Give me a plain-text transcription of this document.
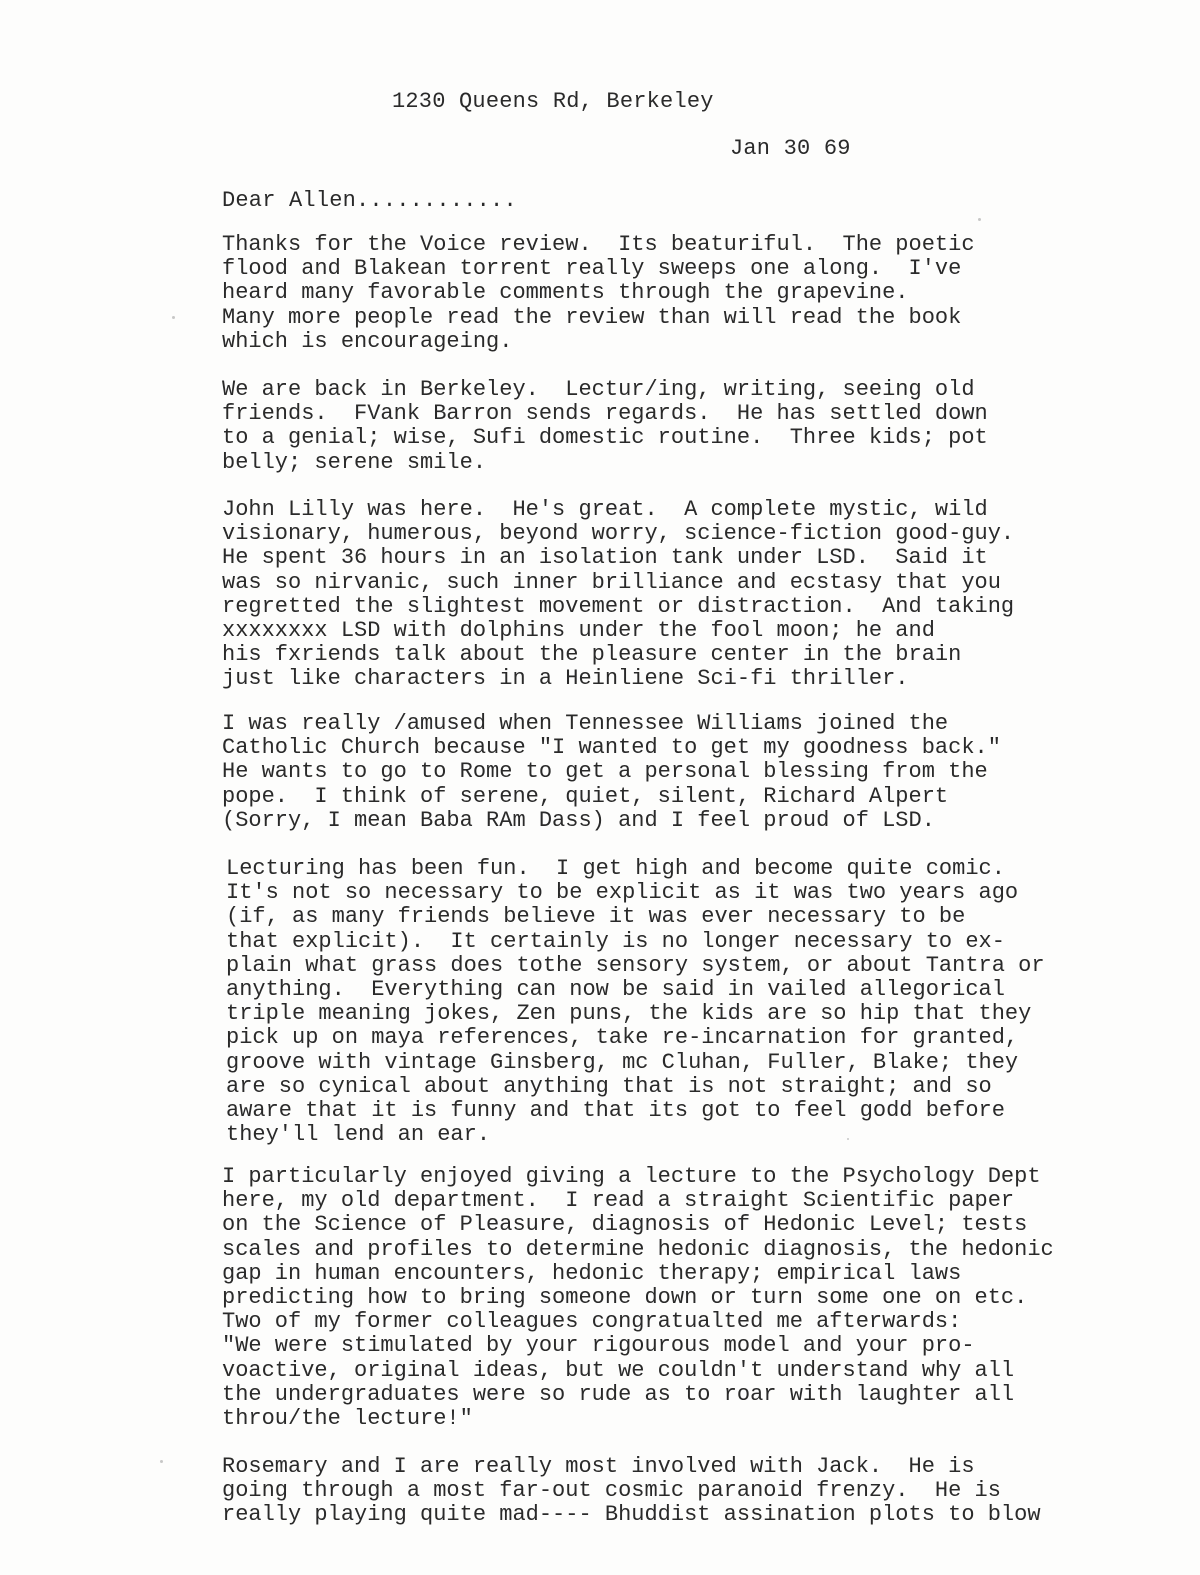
1230 Queens Rd, Berkeley
Jan 30 69
Dear Allen............
Thanks for the Voice review.  Its beaturiful.  The poetic
flood and Blakean torrent really sweeps one along.  I've
heard many favorable comments through the grapevine.
Many more people read the review than will read the book
which is encourageing.
We are back in Berkeley.  Lectur/ing, writing, seeing old
friends.  FVank Barron sends regards.  He has settled down
to a genial; wise, Sufi domestic routine.  Three kids; pot
belly; serene smile.
John Lilly was here.  He's great.  A complete mystic, wild
visionary, humerous, beyond worry, science-fiction good-guy.
He spent 36 hours in an isolation tank under LSD.  Said it
was so nirvanic, such inner brilliance and ecstasy that you
regretted the slightest movement or distraction.  And taking
xxxxxxxx LSD with dolphins under the fool moon; he and
his fxriends talk about the pleasure center in the brain
just like characters in a Heinliene Sci-fi thriller.
I was really /amused when Tennessee Williams joined the
Catholic Church because "I wanted to get my goodness back."
He wants to go to Rome to get a personal blessing from the
pope.  I think of serene, quiet, silent, Richard Alpert
(Sorry, I mean Baba RAm Dass) and I feel proud of LSD.
Lecturing has been fun.  I get high and become quite comic.
It's not so necessary to be explicit as it was two years ago
(if, as many friends believe it was ever necessary to be
that explicit).  It certainly is no longer necessary to ex-
plain what grass does tothe sensory system, or about Tantra or
anything.  Everything can now be said in vailed allegorical
triple meaning jokes, Zen puns, the kids are so hip that they
pick up on maya references, take re-incarnation for granted,
groove with vintage Ginsberg, mc Cluhan, Fuller, Blake; they
are so cynical about anything that is not straight; and so
aware that it is funny and that its got to feel godd before
they'll lend an ear.
I particularly enjoyed giving a lecture to the Psychology Dept
here, my old department.  I read a straight Scientific paper
on the Science of Pleasure, diagnosis of Hedonic Level; tests
scales and profiles to determine hedonic diagnosis, the hedonic
gap in human encounters, hedonic therapy; empirical laws
predicting how to bring someone down or turn some one on etc.
Two of my former colleagues congratualted me afterwards:
"We were stimulated by your rigourous model and your pro-
voactive, original ideas, but we couldn't understand why all
the undergraduates were so rude as to roar with laughter all
throu/the lecture!"
Rosemary and I are really most involved with Jack.  He is
going through a most far-out cosmic paranoid frenzy.  He is
really playing quite mad---- Bhuddist assination plots to blow
